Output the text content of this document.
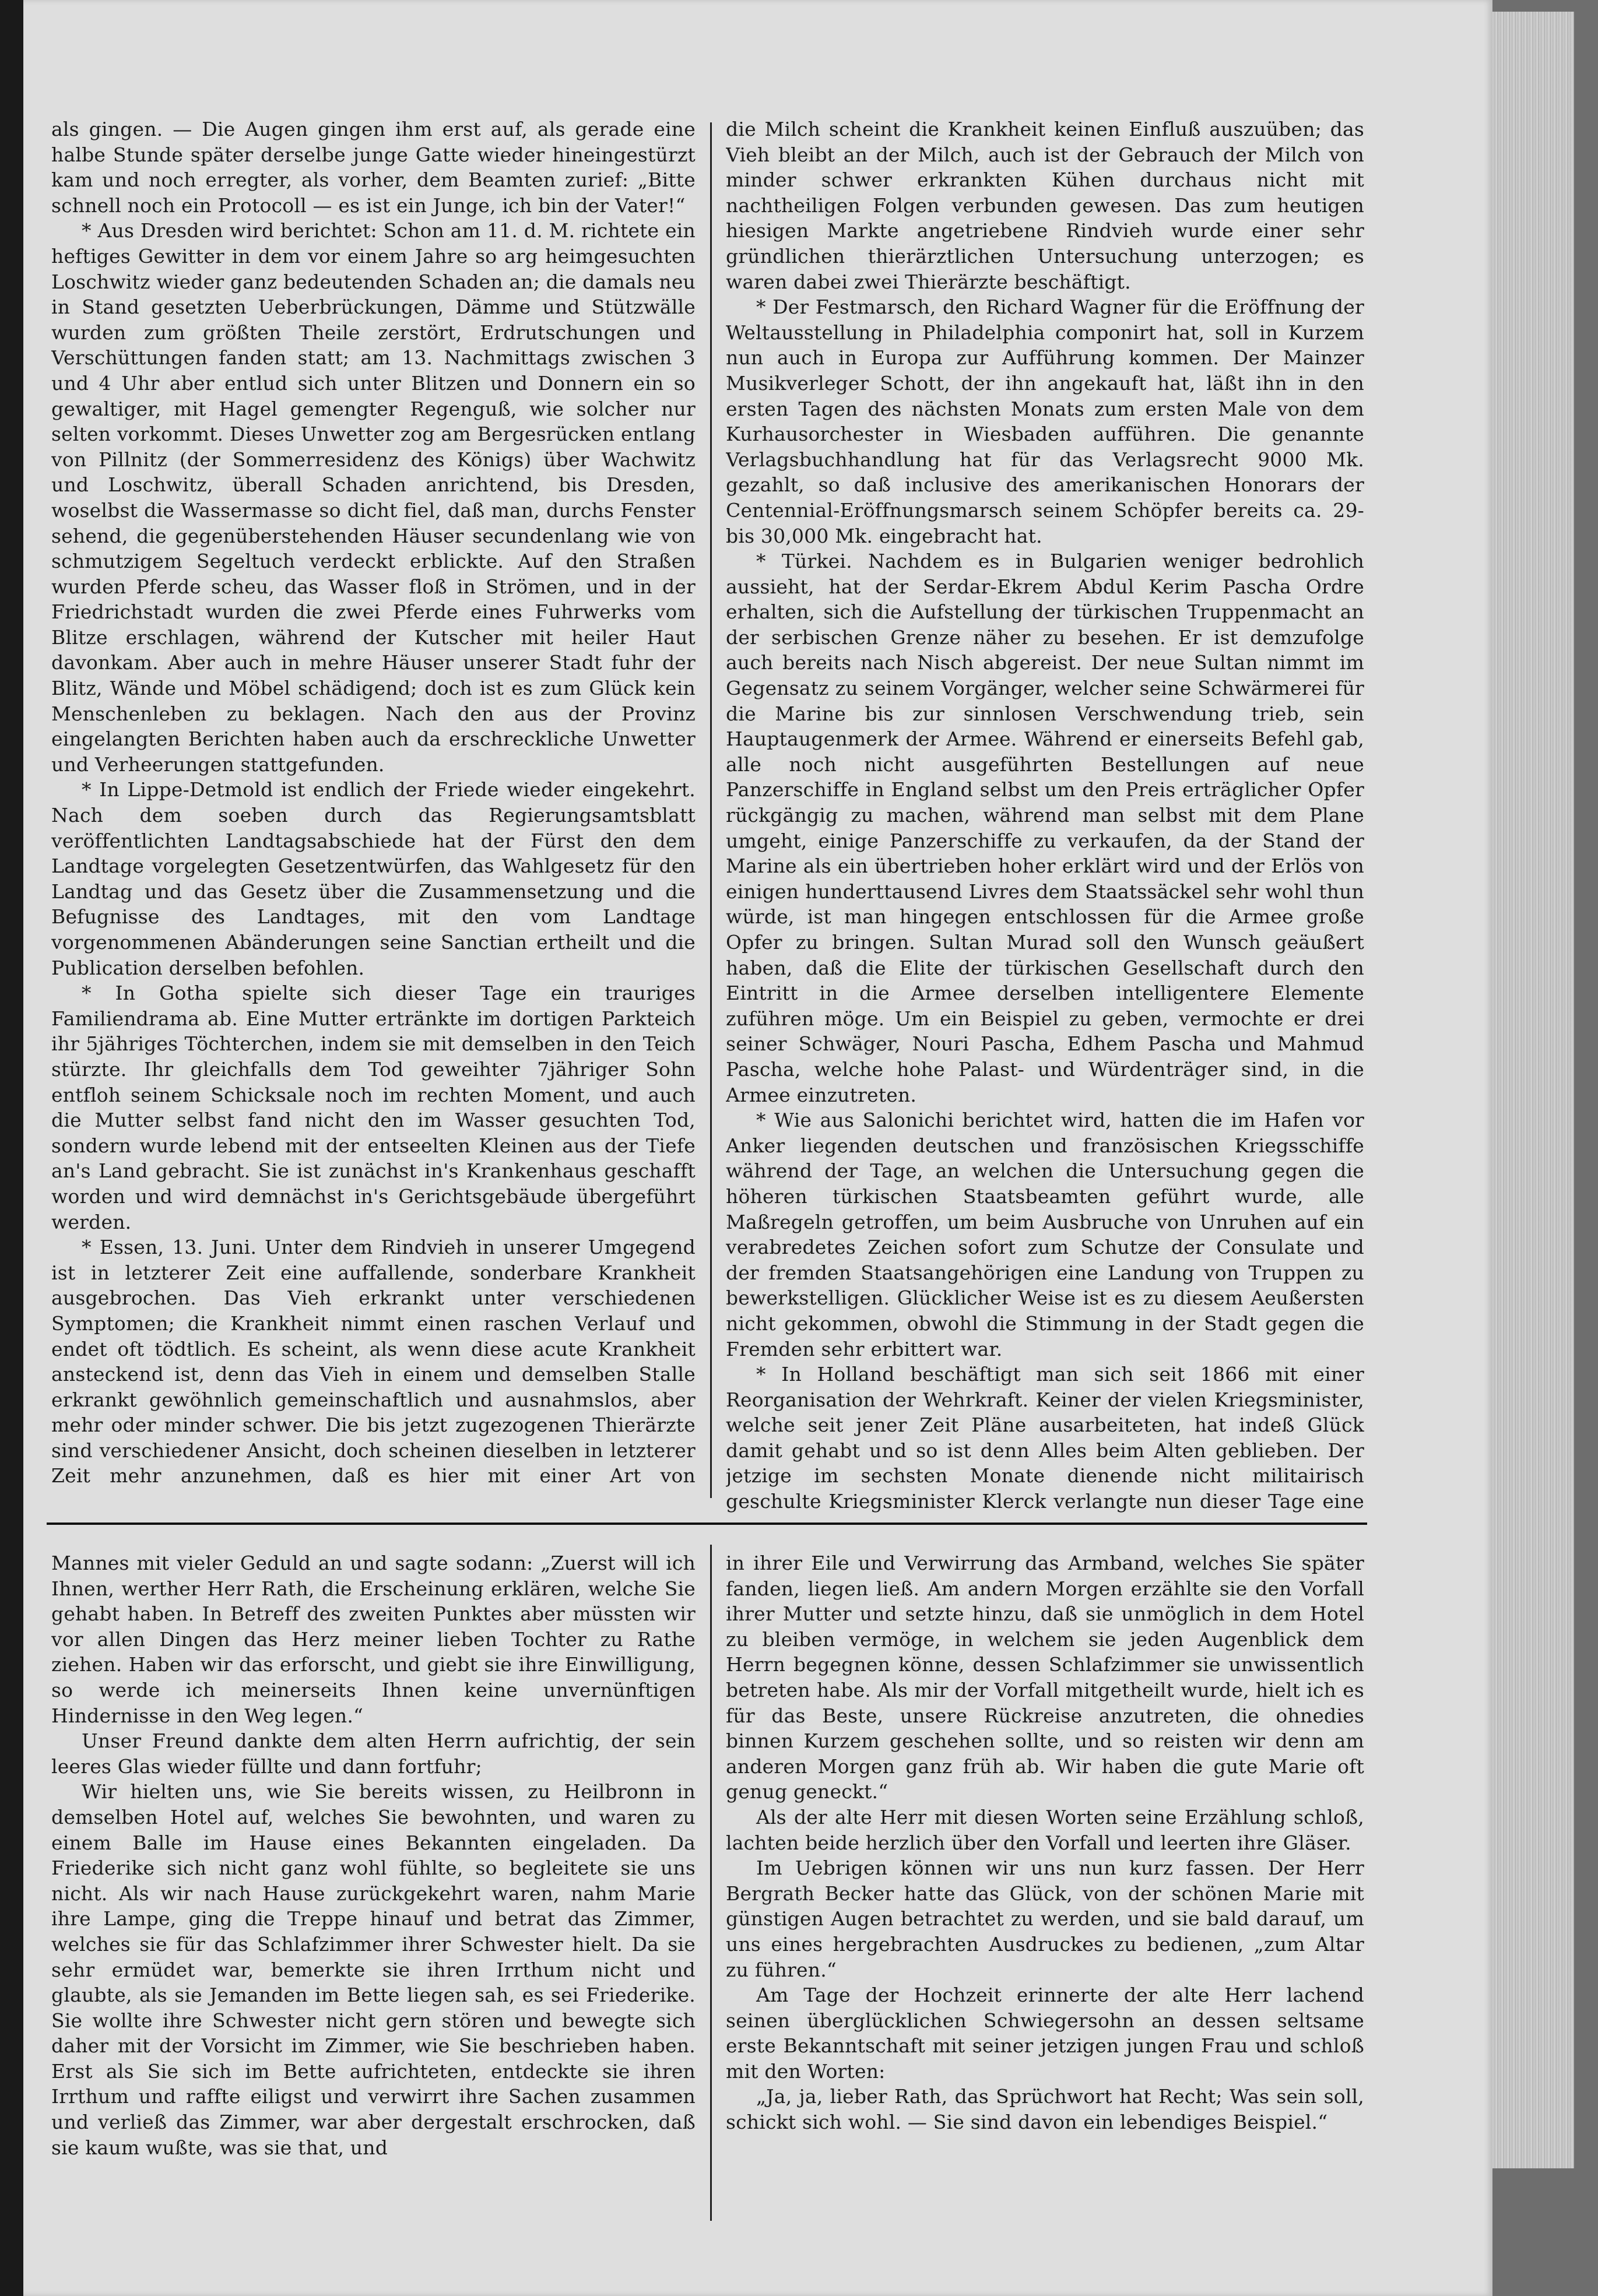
als gingen. — Die Augen gingen ihm erst auf, als gerade eine halbe Stunde später derselbe junge Gatte wieder hineingestürzt kam und noch erregter, als vorher, dem Beamten zurief: „Bitte schnell noch ein Protocoll — es ist ein Junge, ich bin der Vater!“

* Aus Dresden wird berichtet: Schon am 11. d. M. richtete ein heftiges Gewitter in dem vor einem Jahre so arg heimgesuchten Loschwitz wieder ganz bedeutenden Schaden an; die damals neu in Stand gesetzten Ueberbrückungen, Dämme und Stützwälle wurden zum größten Theile zerstört, Erdrutschungen und Verschüttungen fanden statt; am 13. Nachmittags zwischen 3 und 4 Uhr aber entlud sich unter Blitzen und Donnern ein so gewaltiger, mit Hagel gemengter Regenguß, wie solcher nur selten vorkommt. Dieses Unwetter zog am Bergesrücken entlang von Pillnitz (der Sommerresidenz des Königs) über Wachwitz und Loschwitz, überall Schaden anrichtend, bis Dresden, woselbst die Wassermasse so dicht fiel, daß man, durchs Fenster sehend, die gegenüberstehenden Häuser secundenlang wie von schmutzigem Segeltuch verdeckt erblickte. Auf den Straßen wurden Pferde scheu, das Wasser floß in Strömen, und in der Friedrichstadt wurden die zwei Pferde eines Fuhrwerks vom Blitze erschlagen, während der Kutscher mit heiler Haut davonkam. Aber auch in mehre Häuser unserer Stadt fuhr der Blitz, Wände und Möbel schädigend; doch ist es zum Glück kein Menschenleben zu beklagen. Nach den aus der Provinz eingelangten Berichten haben auch da erschreckliche Unwetter und Verheerungen stattgefunden.

* In Lippe-Detmold ist endlich der Friede wieder eingekehrt. Nach dem soeben durch das Regierungsamtsblatt veröffentlichten Landtagsabschiede hat der Fürst den dem Landtage vorgelegten Gesetzentwürfen, das Wahlgesetz für den Landtag und das Gesetz über die Zusammensetzung und die Befugnisse des Landtages, mit den vom Landtage vorgenommenen Abänderungen seine Sanctian ertheilt und die Publication derselben befohlen.

* In Gotha spielte sich dieser Tage ein trauriges Familiendrama ab. Eine Mutter ertränkte im dortigen Parkteich ihr 5jähriges Töchterchen, indem sie mit demselben in den Teich stürzte. Ihr gleichfalls dem Tod geweihter 7jähriger Sohn entfloh seinem Schicksale noch im rechten Moment, und auch die Mutter selbst fand nicht den im Wasser gesuchten Tod, sondern wurde lebend mit der entseelten Kleinen aus der Tiefe an's Land gebracht. Sie ist zunächst in's Krankenhaus geschafft worden und wird demnächst in's Gerichtsgebäude übergeführt werden.

* Essen, 13. Juni. Unter dem Rindvieh in unserer Umgegend ist in letzterer Zeit eine auffallende, sonderbare Krankheit ausgebrochen. Das Vieh erkrankt unter verschiedenen Symptomen; die Krankheit nimmt einen raschen Verlauf und endet oft tödtlich. Es scheint, als wenn diese acute Krankheit ansteckend ist, denn das Vieh in einem und demselben Stalle erkrankt gewöhnlich gemeinschaftlich und ausnahmslos, aber mehr oder minder schwer. Die bis jetzt zugezogenen Thierärzte sind verschiedener Ansicht, doch scheinen dieselben in letzterer Zeit mehr anzunehmen, daß es hier mit einer Art von

die Milch scheint die Krankheit keinen Einfluß auszuüben; das Vieh bleibt an der Milch, auch ist der Gebrauch der Milch von minder schwer erkrankten Kühen durchaus nicht mit nachtheiligen Folgen verbunden gewesen. Das zum heutigen hiesigen Markte angetriebene Rindvieh wurde einer sehr gründlichen thierärztlichen Untersuchung unterzogen; es waren dabei zwei Thierärzte beschäftigt.

* Der Festmarsch, den Richard Wagner für die Eröffnung der Weltausstellung in Philadelphia componirt hat, soll in Kurzem nun auch in Europa zur Aufführung kommen. Der Mainzer Musikverleger Schott, der ihn angekauft hat, läßt ihn in den ersten Tagen des nächsten Monats zum ersten Male von dem Kurhausorchester in Wiesbaden aufführen. Die genannte Verlagsbuchhandlung hat für das Verlagsrecht 9000 Mk. gezahlt, so daß inclusive des amerikanischen Honorars der Centennial-Eröffnungsmarsch seinem Schöpfer bereits ca. 29- bis 30,000 Mk. eingebracht hat.

* Türkei. Nachdem es in Bulgarien weniger bedrohlich aussieht, hat der Serdar-Ekrem Abdul Kerim Pascha Ordre erhalten, sich die Aufstellung der türkischen Truppenmacht an der serbischen Grenze näher zu besehen. Er ist demzufolge auch bereits nach Nisch abgereist. Der neue Sultan nimmt im Gegensatz zu seinem Vorgänger, welcher seine Schwärmerei für die Marine bis zur sinnlosen Verschwendung trieb, sein Hauptaugenmerk der Armee. Während er einerseits Befehl gab, alle noch nicht ausgeführten Bestellungen auf neue Panzerschiffe in England selbst um den Preis erträglicher Opfer rückgängig zu machen, während man selbst mit dem Plane umgeht, einige Panzerschiffe zu verkaufen, da der Stand der Marine als ein übertrieben hoher erklärt wird und der Erlös von einigen hunderttausend Livres dem Staatssäckel sehr wohl thun würde, ist man hingegen entschlossen für die Armee große Opfer zu bringen. Sultan Murad soll den Wunsch geäußert haben, daß die Elite der türkischen Gesellschaft durch den Eintritt in die Armee derselben intelligentere Elemente zuführen möge. Um ein Beispiel zu geben, vermochte er drei seiner Schwäger, Nouri Pascha, Edhem Pascha und Mahmud Pascha, welche hohe Palast- und Würdenträger sind, in die Armee einzutreten.

* Wie aus Salonichi berichtet wird, hatten die im Hafen vor Anker liegenden deutschen und französischen Kriegsschiffe während der Tage, an welchen die Untersuchung gegen die höheren türkischen Staatsbeamten geführt wurde, alle Maßregeln getroffen, um beim Ausbruche von Unruhen auf ein verabredetes Zeichen sofort zum Schutze der Consulate und der fremden Staatsangehörigen eine Landung von Truppen zu bewerkstelligen. Glücklicher Weise ist es zu diesem Aeußersten nicht gekommen, obwohl die Stimmung in der Stadt gegen die Fremden sehr erbittert war.

* In Holland beschäftigt man sich seit 1866 mit einer Reorganisation der Wehrkraft. Keiner der vielen Kriegsminister, welche seit jener Zeit Pläne ausarbeiteten, hat indeß Glück damit gehabt und so ist denn Alles beim Alten geblieben. Der jetzige im sechsten Monate dienende nicht militairisch geschulte Kriegsminister Klerck verlangte nun dieser Tage eine

Mannes mit vieler Geduld an und sagte sodann: „Zuerst will ich Ihnen, werther Herr Rath, die Erscheinung erklären, welche Sie gehabt haben. In Betreff des zweiten Punktes aber müssten wir vor allen Dingen das Herz meiner lieben Tochter zu Rathe ziehen. Haben wir das erforscht, und giebt sie ihre Einwilligung, so werde ich meinerseits Ihnen keine unvernünftigen Hindernisse in den Weg legen.“

Unser Freund dankte dem alten Herrn aufrichtig, der sein leeres Glas wieder füllte und dann fortfuhr;

Wir hielten uns, wie Sie bereits wissen, zu Heilbronn in demselben Hotel auf, welches Sie bewohnten, und waren zu einem Balle im Hause eines Bekannten eingeladen. Da Friederike sich nicht ganz wohl fühlte, so begleitete sie uns nicht. Als wir nach Hause zurückgekehrt waren, nahm Marie ihre Lampe, ging die Treppe hinauf und betrat das Zimmer, welches sie für das Schlafzimmer ihrer Schwester hielt. Da sie sehr ermüdet war, bemerkte sie ihren Irrthum nicht und glaubte, als sie Jemanden im Bette liegen sah, es sei Friederike. Sie wollte ihre Schwester nicht gern stören und bewegte sich daher mit der Vorsicht im Zimmer, wie Sie beschrieben haben. Erst als Sie sich im Bette aufrichteten, entdeckte sie ihren Irrthum und raffte eiligst und verwirrt ihre Sachen zusammen und verließ das Zimmer, war aber dergestalt erschrocken, daß sie kaum wußte, was sie that, und

in ihrer Eile und Verwirrung das Armband, welches Sie später fanden, liegen ließ. Am andern Morgen erzählte sie den Vorfall ihrer Mutter und setzte hinzu, daß sie unmöglich in dem Hotel zu bleiben vermöge, in welchem sie jeden Augenblick dem Herrn begegnen könne, dessen Schlafzimmer sie unwissentlich betreten habe. Als mir der Vorfall mitgetheilt wurde, hielt ich es für das Beste, unsere Rückreise anzutreten, die ohnedies binnen Kurzem geschehen sollte, und so reisten wir denn am anderen Morgen ganz früh ab. Wir haben die gute Marie oft genug geneckt.“

Als der alte Herr mit diesen Worten seine Erzählung schloß, lachten beide herzlich über den Vorfall und leerten ihre Gläser.

Im Uebrigen können wir uns nun kurz fassen. Der Herr Bergrath Becker hatte das Glück, von der schönen Marie mit günstigen Augen betrachtet zu werden, und sie bald darauf, um uns eines hergebrachten Ausdruckes zu bedienen, „zum Altar zu führen.“

Am Tage der Hochzeit erinnerte der alte Herr lachend seinen überglücklichen Schwiegersohn an dessen seltsame erste Bekanntschaft mit seiner jetzigen jungen Frau und schloß mit den Worten:

„Ja, ja, lieber Rath, das Sprüchwort hat Recht; Was sein soll, schickt sich wohl. — Sie sind davon ein lebendiges Beispiel.“
